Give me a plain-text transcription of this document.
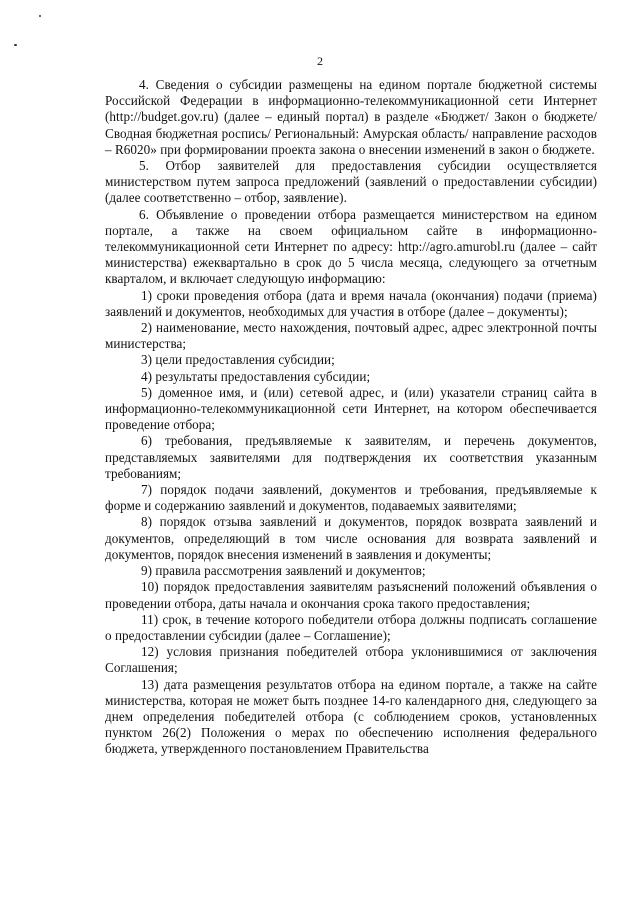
2

4. Сведения о субсидии размещены на едином портале бюджетной системы Российской Федерации в информационно-телекоммуникационной сети Интернет (http://budget.gov.ru) (далее – единый портал) в разделе «Бюджет/ Закон о бюджете/ Сводная бюджетная роспись/ Региональный: Амурская область/ направление расходов – R6020» при формировании проекта закона о внесении изменений в закон о бюджете.

5. Отбор заявителей для предоставления субсидии осуществляется министерством путем запроса предложений (заявлений о предоставлении субсидии) (далее соответственно – отбор, заявление).

6. Объявление о проведении отбора размещается министерством на едином портале, а также на своем официальном сайте в информационно-телекоммуникационной сети Интернет по адресу: http://agro.amurobl.ru (далее – сайт министерства) ежеквартально в срок до 5 числа месяца, следующего за отчетным кварталом, и включает следующую информацию:

1) сроки проведения отбора (дата и время начала (окончания) подачи (приема) заявлений и документов, необходимых для участия в отборе (далее – документы);

2) наименование, место нахождения, почтовый адрес, адрес электронной почты министерства;

3) цели предоставления субсидии;

4) результаты предоставления субсидии;

5) доменное имя, и (или) сетевой адрес, и (или) указатели страниц сайта в информационно-телекоммуникационной сети Интернет, на котором обеспечивается проведение отбора;

6) требования, предъявляемые к заявителям, и перечень документов, представляемых заявителями для подтверждения их соответствия указанным требованиям;

7) порядок подачи заявлений, документов и требования, предъявляемые к форме и содержанию заявлений и документов, подаваемых заявителями;

8) порядок отзыва заявлений и документов, порядок возврата заявлений и документов, определяющий в том числе основания для возврата заявлений и документов, порядок внесения изменений в заявления и документы;

9) правила рассмотрения заявлений и документов;

10) порядок предоставления заявителям разъяснений положений объявления о проведении отбора, даты начала и окончания срока такого предоставления;

11) срок, в течение которого победители отбора должны подписать соглашение о предоставлении субсидии (далее – Соглашение);

12) условия признания победителей отбора уклонившимися от заключения Соглашения;

13) дата размещения результатов отбора на едином портале, а также на сайте министерства, которая не может быть позднее 14-го календарного дня, следующего за днем определения победителей отбора (с соблюдением сроков, установленных пунктом 26(2) Положения о мерах по обеспечению исполнения федерального бюджета, утвержденного постановлением Правительства
